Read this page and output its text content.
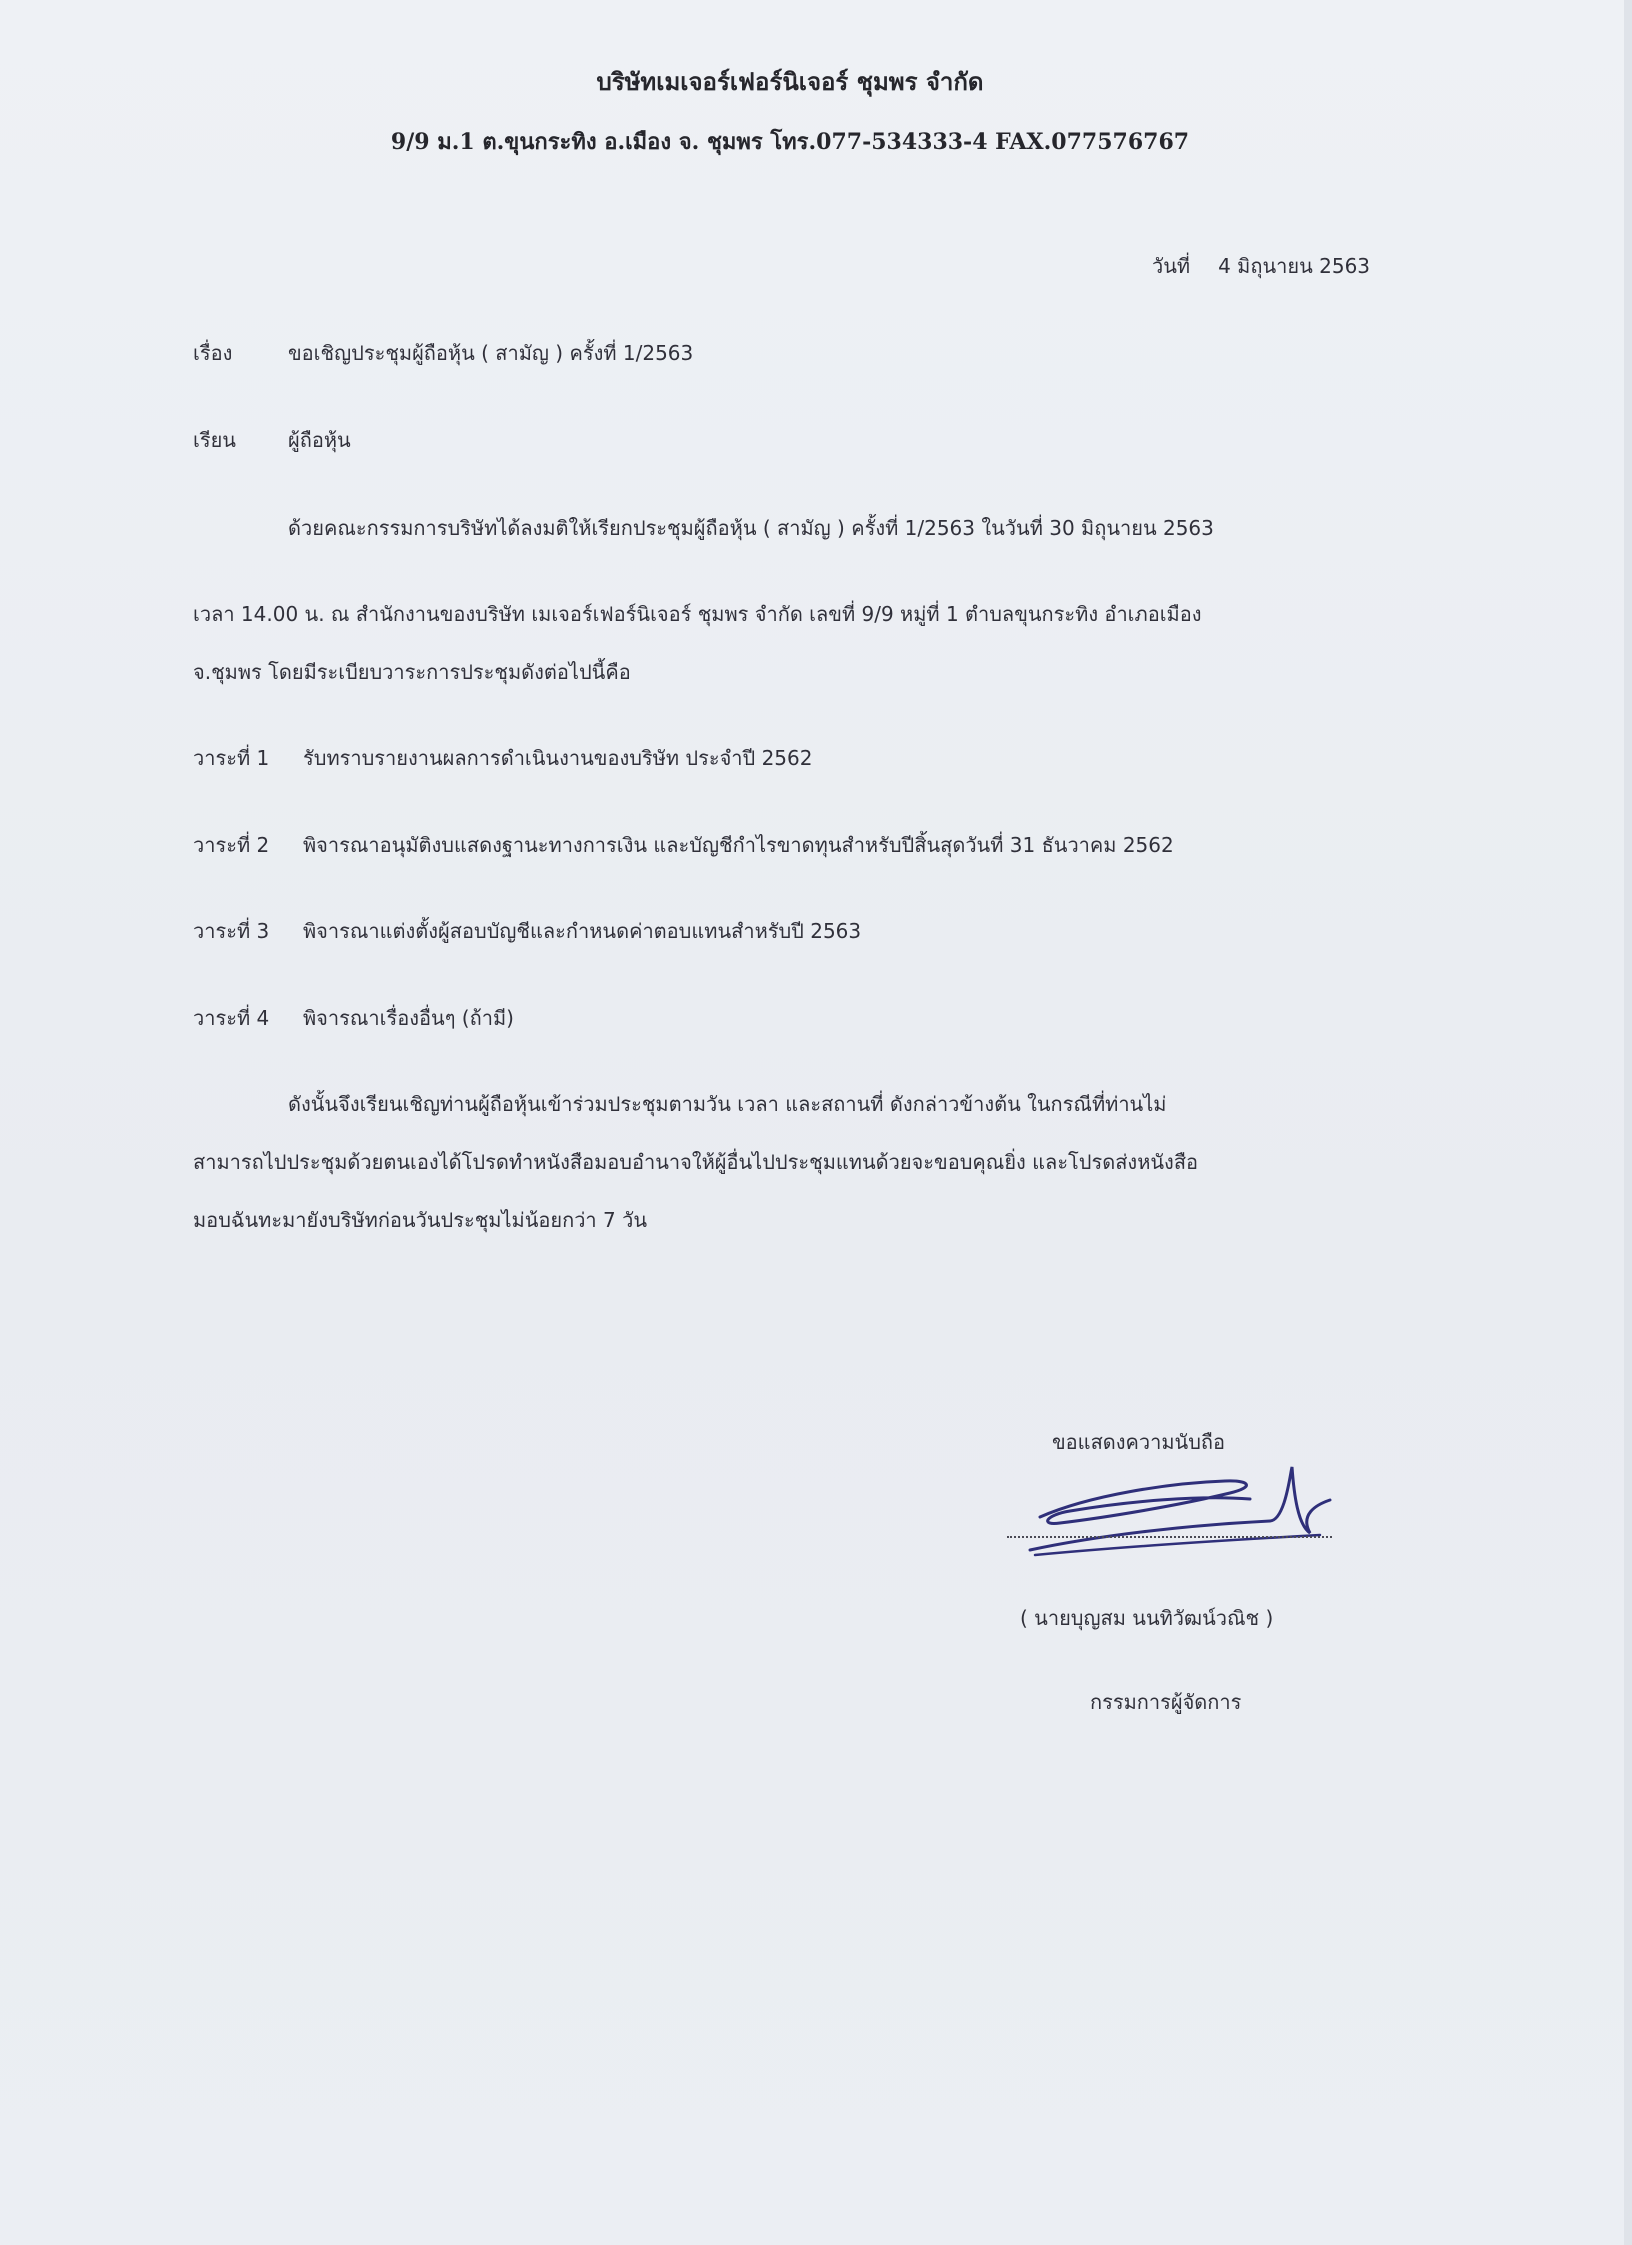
บริษัทเมเจอร์เฟอร์นิเจอร์ ชุมพร จำกัด

9/9 ม.1 ต.ขุนกระทิง อ.เมือง จ. ชุมพร โทร.077-534333-4 FAX.077576767

วันที่ 4 มิถุนายน 2563

เรื่อง	ขอเชิญประชุมผู้ถือหุ้น ( สามัญ ) ครั้งที่ 1/2563

เรียน	ผู้ถือหุ้น

ด้วยคณะกรรมการบริษัทได้ลงมติให้เรียกประชุมผู้ถือหุ้น ( สามัญ ) ครั้งที่ 1/2563 ในวันที่ 30 มิถุนายน 2563

เวลา 14.00 น. ณ สำนักงานของบริษัท เมเจอร์เฟอร์นิเจอร์ ชุมพร จำกัด เลขที่ 9/9 หมู่ที่ 1 ตำบลขุนกระทิง อำเภอเมือง

จ.ชุมพร โดยมีระเบียบวาระการประชุมดังต่อไปนี้คือ

วาระที่ 1 รับทราบรายงานผลการดำเนินงานของบริษัท ประจำปี 2562

วาระที่ 2 พิจารณาอนุมัติงบแสดงฐานะทางการเงิน และบัญชีกำไรขาดทุนสำหรับปีสิ้นสุดวันที่ 31 ธันวาคม 2562

วาระที่ 3 พิจารณาแต่งตั้งผู้สอบบัญชีและกำหนดค่าตอบแทนสำหรับปี 2563

วาระที่ 4 พิจารณาเรื่องอื่นๆ (ถ้ามี)

ดังนั้นจึงเรียนเชิญท่านผู้ถือหุ้นเข้าร่วมประชุมตามวัน เวลา และสถานที่ ดังกล่าวข้างต้น ในกรณีที่ท่านไม่

สามารถไปประชุมด้วยตนเองได้โปรดทำหนังสือมอบอำนาจให้ผู้อื่นไปประชุมแทนด้วยจะขอบคุณยิ่ง และโปรดส่งหนังสือ

มอบฉันทะมายังบริษัทก่อนวันประชุมไม่น้อยกว่า 7 วัน

ขอแสดงความนับถือ

( นายบุญสม นนทิวัฒน์วณิช )

กรรมการผู้จัดการ
